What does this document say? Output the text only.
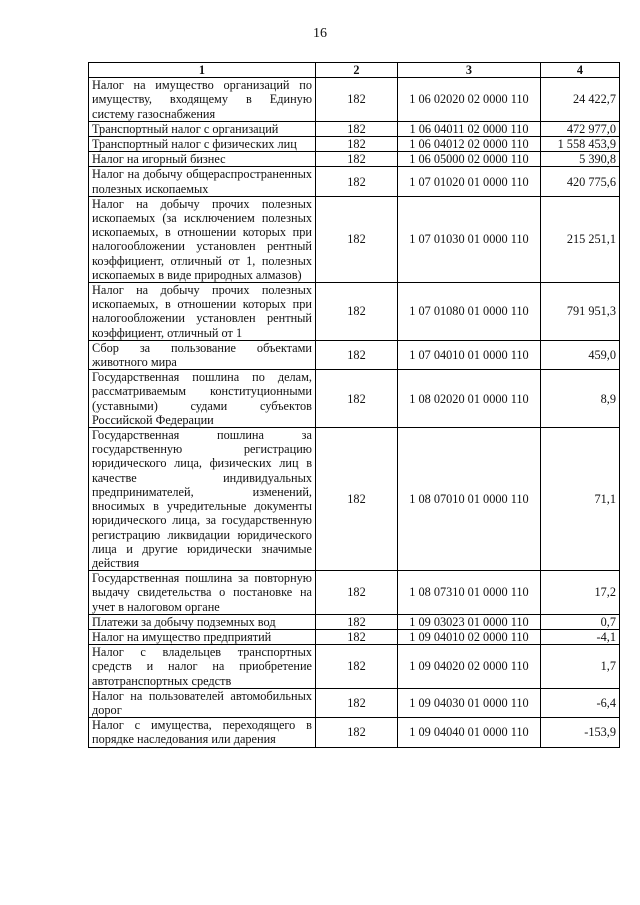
16
1	2	3	4
Налог на имущество организаций по имуществу, входящему в Единую систему газоснабжения	182	1 06 02020 02 0000 110	24 422,7
Транспортный налог с организаций	182	1 06 04011 02 0000 110	472 977,0
Транспортный налог с физических лиц	182	1 06 04012 02 0000 110	1 558 453,9
Налог на игорный бизнес	182	1 06 05000 02 0000 110	5 390,8
Налог на добычу общераспространенных полезных ископаемых	182	1 07 01020 01 0000 110	420 775,6
Налог на добычу прочих полезных ископаемых (за исключением полезных ископаемых, в отношении которых при налогообложении установлен рентный коэффициент, отличный от 1, полезных ископаемых в виде природных алмазов)	182	1 07 01030 01 0000 110	215 251,1
Налог на добычу прочих полезных ископаемых, в отношении которых при налогообложении установлен рентный коэффициент, отличный от 1	182	1 07 01080 01 0000 110	791 951,3
Сбор за пользование объектами животного мира	182	1 07 04010 01 0000 110	459,0
Государственная пошлина по делам, рассматриваемым конституционными (уставными) судами субъектов Российской Федерации	182	1 08 02020 01 0000 110	8,9
Государственная пошлина за государственную регистрацию юридического лица, физических лиц в качестве индивидуальных предпринимателей, изменений, вносимых в учредительные документы юридического лица, за государственную регистрацию ликвидации юридического лица и другие юридически значимые действия	182	1 08 07010 01 0000 110	71,1
Государственная пошлина за повторную выдачу свидетельства о постановке на учет в налоговом органе	182	1 08 07310 01 0000 110	17,2
Платежи за добычу подземных вод	182	1 09 03023 01 0000 110	0,7
Налог на имущество предприятий	182	1 09 04010 02 0000 110	-4,1
Налог с владельцев транспортных средств и налог на приобретение автотранспортных средств	182	1 09 04020 02 0000 110	1,7
Налог на пользователей автомобильных дорог	182	1 09 04030 01 0000 110	-6,4
Налог с имущества, переходящего в порядке наследования или дарения	182	1 09 04040 01 0000 110	-153,9
